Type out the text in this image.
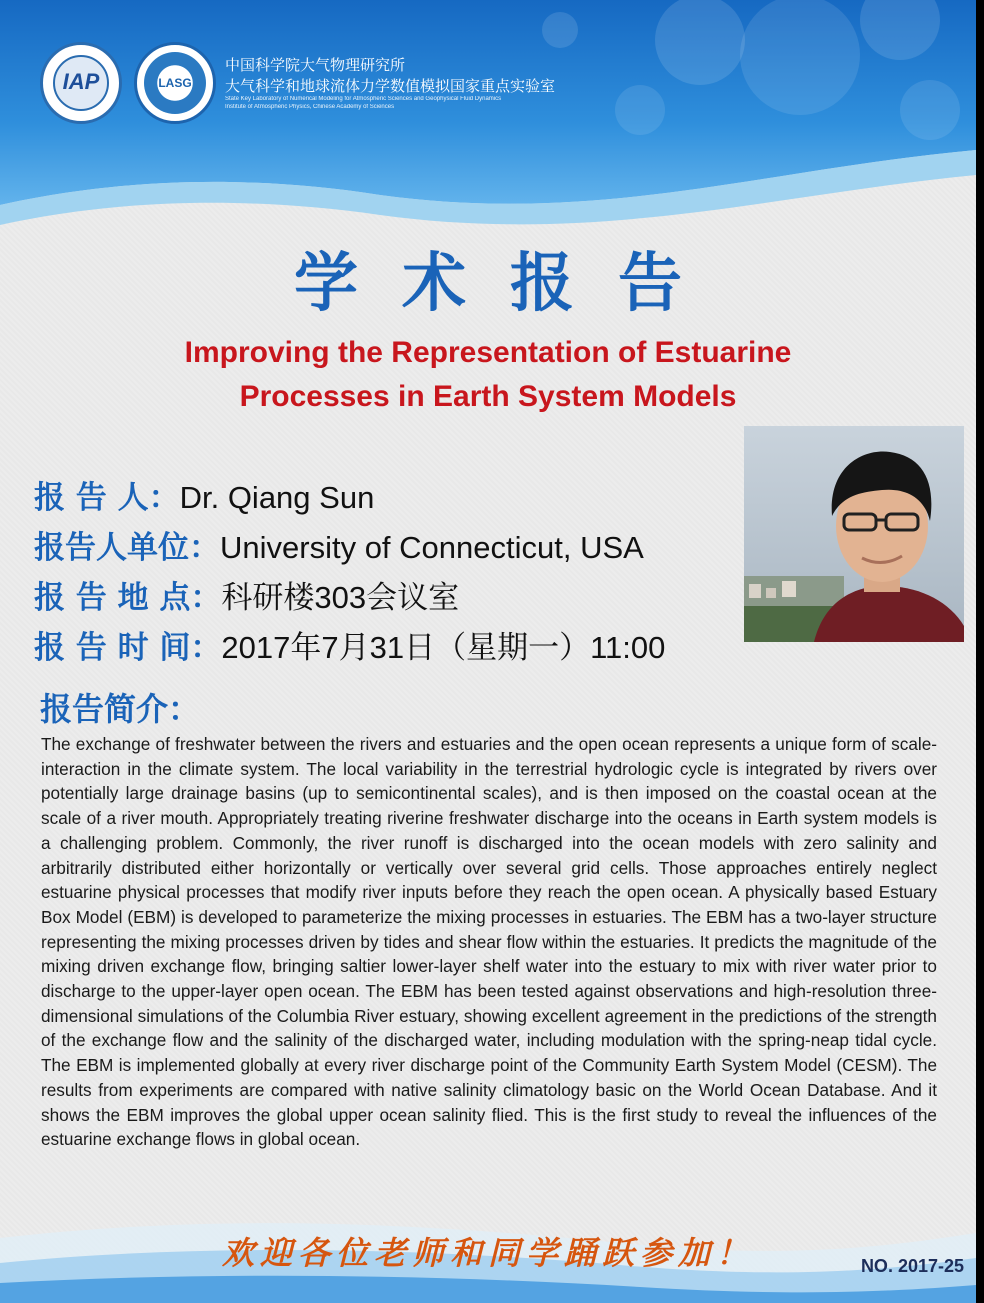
IAP	LASG
中国科学院大气物理研究所
大气科学和地球流体力学数值模拟国家重点实验室
State Key Laboratory of Numerical Modeling for Atmospheric Sciences and Geophysical Fluid Dynamics
Institute of Atmospheric Physics, Chinese Academy of Sciences
学术报告
Improving the Representation of Estuarine
Processes in Earth System Models
报 告 人：Dr. Qiang Sun
报告人单位：University of Connecticut, USA
报 告 地 点：科研楼303会议室
报 告 时 间：2017年7月31日（星期一）11:00
报告简介：

The exchange of freshwater between the rivers and estuaries and the open ocean represents a unique form of scale-interaction in the climate system. The local variability in the terrestrial hydrologic cycle is integrated by rivers over potentially large drainage basins (up to semicontinental scales), and is then imposed on the coastal ocean at the scale of a river mouth. Appropriately treating riverine freshwater discharge into the oceans in Earth system models is a challenging problem. Commonly, the river runoff is discharged into the ocean models with zero salinity and arbitrarily distributed either horizontally or vertically over several grid cells. Those approaches entirely neglect estuarine physical processes that modify river inputs before they reach the open ocean. A physically based Estuary Box Model (EBM) is developed to parameterize the mixing processes in estuaries. The EBM has a two-layer structure representing the mixing processes driven by tides and shear flow within the estuaries. It predicts the magnitude of the mixing driven exchange flow, bringing saltier lower-layer shelf water into the estuary to mix with river water prior to discharge to the upper-layer open ocean. The EBM has been tested against observations and high-resolution three-dimensional simulations of the Columbia River estuary, showing excellent agreement in the predictions of the strength of the exchange flow and the salinity of the discharged water, including modulation with the spring-neap tidal cycle. The EBM is implemented globally at every river discharge point of the Community Earth System Model (CESM). The results from experiments are compared with native salinity climatology basic on the World Ocean Database. And it shows the EBM improves the global upper ocean salinity flied. This is the first study to reveal the influences of the estuarine exchange flows in global ocean.

欢迎各位老师和同学踊跃参加！	NO. 2017-25
